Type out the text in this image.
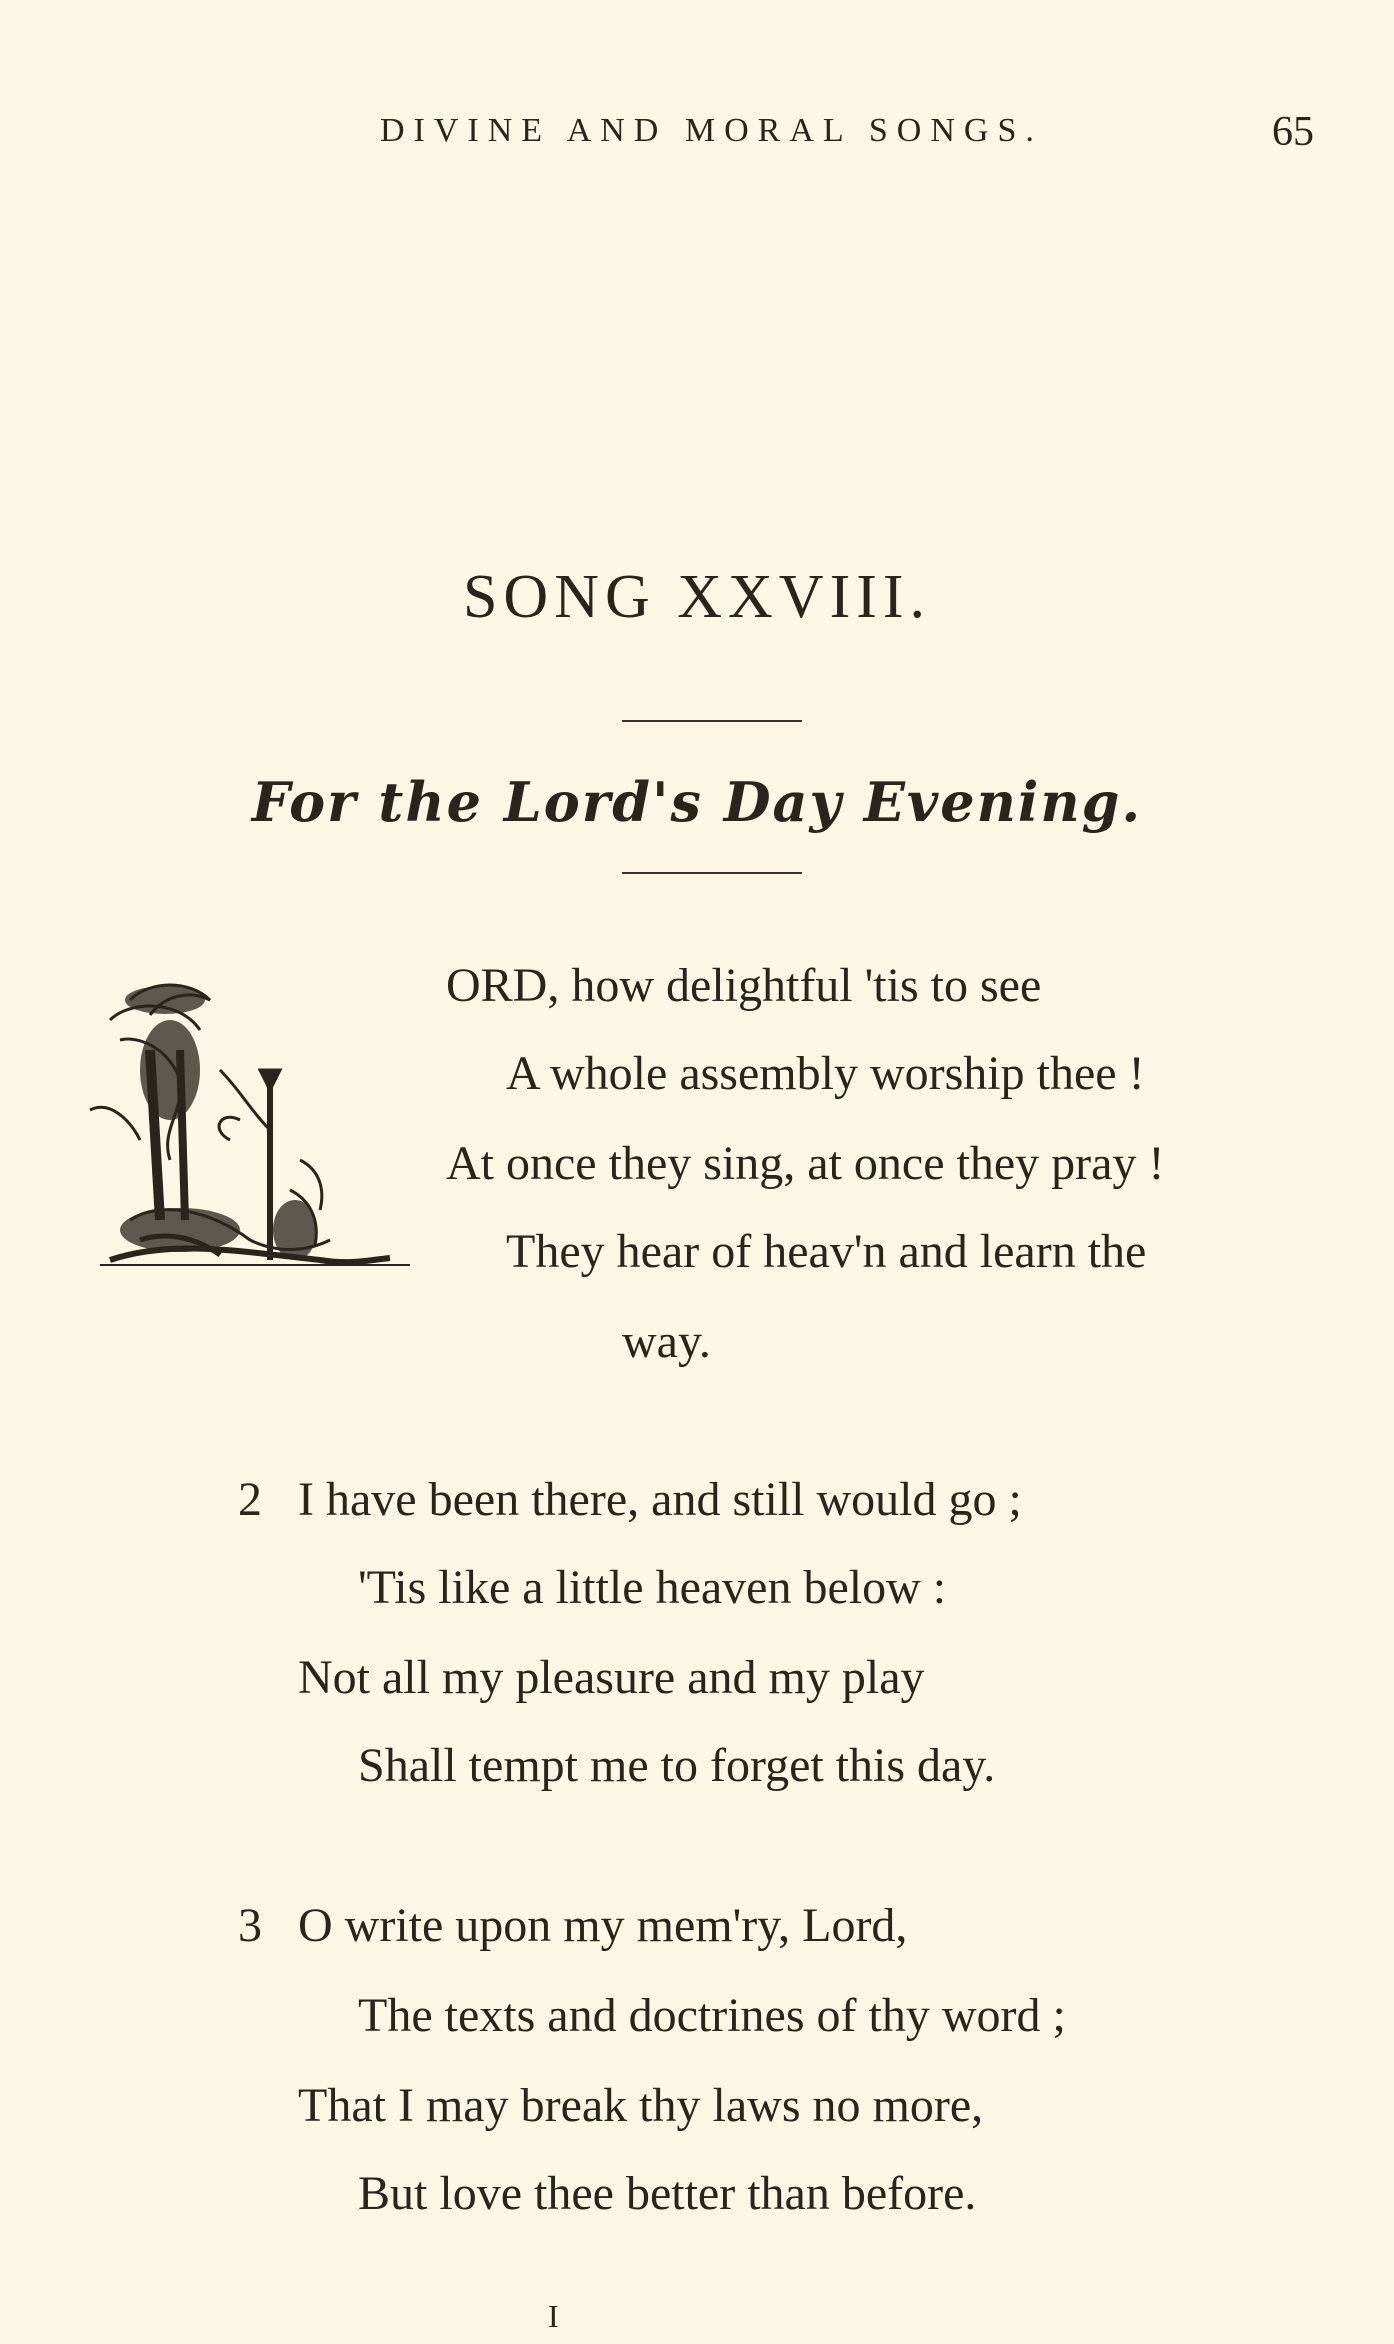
DIVINE AND MORAL SONGS.	65
SONG XXVIII.
For the Lord's Day Evening.
ORD, how delightful 'tis to see
A whole assembly worship thee !
At once they sing, at once they pray !
They hear of heav'n and learn the
way.
2 I have been there, and still would go ;
'Tis like a little heaven below :
Not all my pleasure and my play
Shall tempt me to forget this day.
3 O write upon my mem'ry, Lord,
The texts and doctrines of thy word ;
That I may break thy laws no more,
But love thee better than before.
I
